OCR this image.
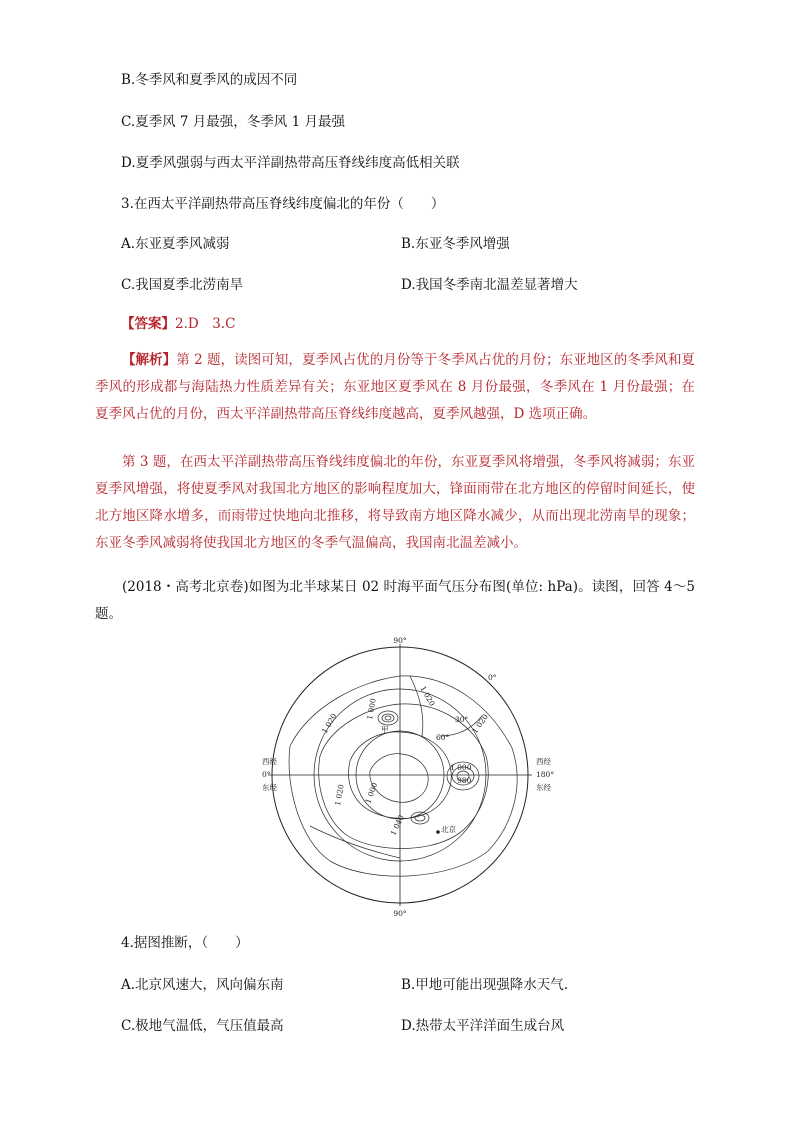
B.冬季风和夏季风的成因不同
C.夏季风 7 月最强，冬季风 1 月最强
D.夏季风强弱与西太平洋副热带高压脊线纬度高低相关联
3.在西太平洋副热带高压脊线纬度偏北的年份（　　）
A.东亚夏季风减弱	B.东亚冬季风增强
C.我国夏季北涝南旱	D.我国冬季南北温差显著增大
【答案】2.D　3.C
【解析】第 2 题，读图可知，夏季风占优的月份等于冬季风占优的月份；东亚地区的冬季风和夏季风的形成都与海陆热力性质差异有关；东亚地区夏季风在 8 月份最强，冬季风在 1 月份最强；在夏季风占优的月份，西太平洋副热带高压脊线纬度越高，夏季风越强，D 选项正确。
第 3 题，在西太平洋副热带高压脊线纬度偏北的年份，东亚夏季风将增强，冬季风将减弱；东亚夏季风增强，将使夏季风对我国北方地区的影响程度加大，锋面雨带在北方地区的停留时间延长，使北方地区降水增多，而雨带过快地向北推移，将导致南方地区降水减少，从而出现北涝南旱的现象；东亚冬季风减弱将使我国北方地区的冬季气温偏高，我国南北温差减小。
(2018・高考北京卷)如图为北半球某日 02 时海平面气压分布图(单位: hPa)。读图，回答 4～5 题。
90°
90°
0°
30°
60°
西经
0°
东经
西经
180°
东经
1 020
1 020	1 020
1 020
1 000
1 000
980
1 040
1 000
甲
北京
4.据图推断，（　　）
A.北京风速大，风向偏东南	B.甲地可能出现强降水天气.
C.极地气温低，气压值最高	D.热带太平洋洋面生成台风
